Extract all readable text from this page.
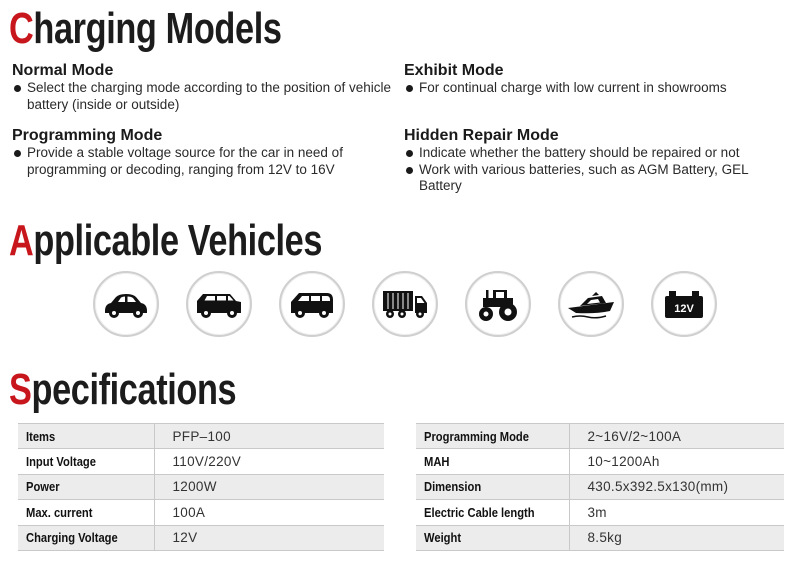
Charging Models
Normal Mode
Select the charging mode according to the position of vehicle battery (inside or outside)
Exhibit Mode
For continual charge with low current in showrooms
Programming Mode
Provide a stable voltage source for the car in need of programming or decoding, ranging from 12V to 16V
Hidden Repair Mode
Indicate whether the battery should be repaired or not
Work with various batteries, such as AGM Battery, GEL Battery
Applicable Vehicles
12V
Specifications
Items	PFP–100
Input Voltage	110V/220V
Power	1200W
Max. current	100A
Charging Voltage	12V
Programming Mode	2~16V/2~100A
MAH	10~1200Ah
Dimension	430.5x392.5x130(mm)
Electric Cable length	3m
Weight	8.5kg
